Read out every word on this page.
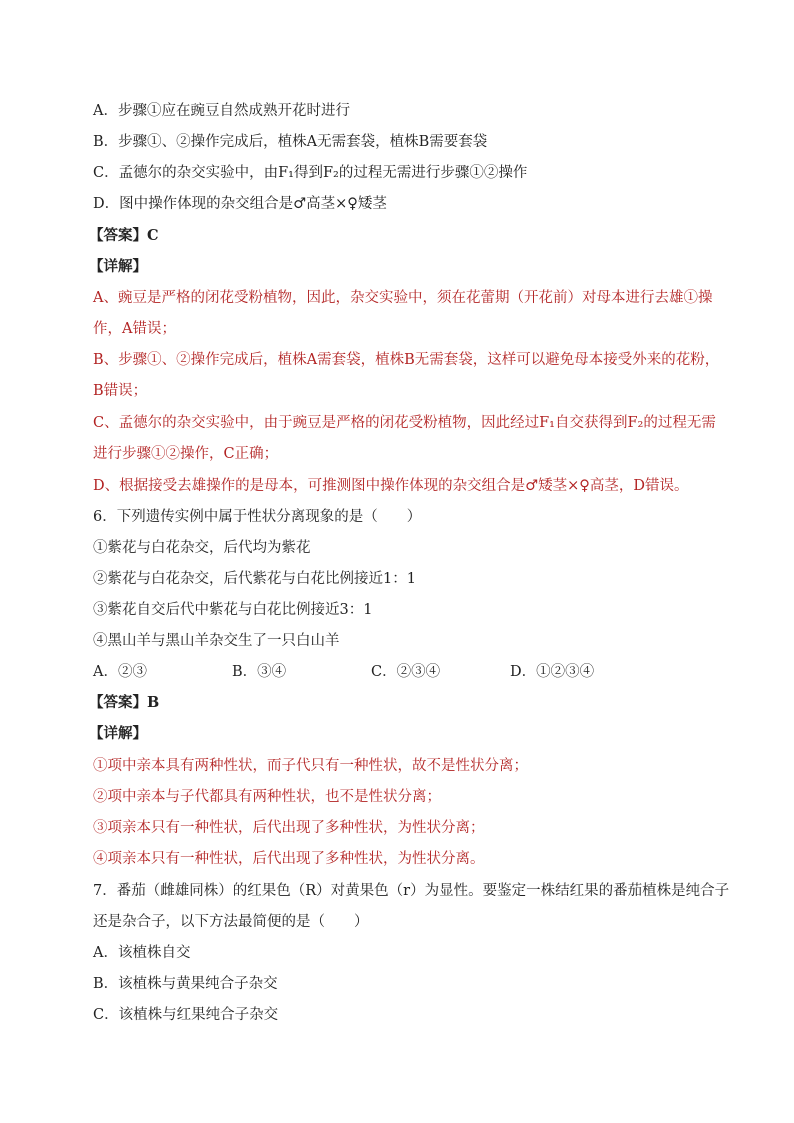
A．步骤①应在豌豆自然成熟开花时进行
B．步骤①、②操作完成后，植株A无需套袋，植株B需要套袋
C．孟德尔的杂交实验中，由F₁得到F₂的过程无需进行步骤①②操作
D．图中操作体现的杂交组合是♂高茎×♀矮茎
【答案】C
【详解】
A、豌豆是严格的闭花受粉植物，因此，杂交实验中，须在花蕾期（开花前）对母本进行去雄①操
作，A错误；
B、步骤①、②操作完成后，植株A需套袋，植株B无需套袋，这样可以避免母本接受外来的花粉，
B错误；
C、孟德尔的杂交实验中，由于豌豆是严格的闭花受粉植物，因此经过F₁自交获得到F₂的过程无需
进行步骤①②操作，C正确；
D、根据接受去雄操作的是母本，可推测图中操作体现的杂交组合是♂矮茎×♀高茎，D错误。
6．下列遗传实例中属于性状分离现象的是（　　）
①紫花与白花杂交，后代均为紫花
②紫花与白花杂交，后代紫花与白花比例接近1：1
③紫花自交后代中紫花与白花比例接近3：1
④黑山羊与黑山羊杂交生了一只白山羊
A．②③	B．③④	C．②③④	D．①②③④
【答案】B
【详解】
①项中亲本具有两种性状，而子代只有一种性状，故不是性状分离；
②项中亲本与子代都具有两种性状，也不是性状分离；
③项亲本只有一种性状，后代出现了多种性状，为性状分离；
④项亲本只有一种性状，后代出现了多种性状，为性状分离。
7．番茄（雌雄同株）的红果色（R）对黄果色（r）为显性。要鉴定一株结红果的番茄植株是纯合子
还是杂合子，以下方法最简便的是（　　）
A．该植株自交
B．该植株与黄果纯合子杂交
C．该植株与红果纯合子杂交
